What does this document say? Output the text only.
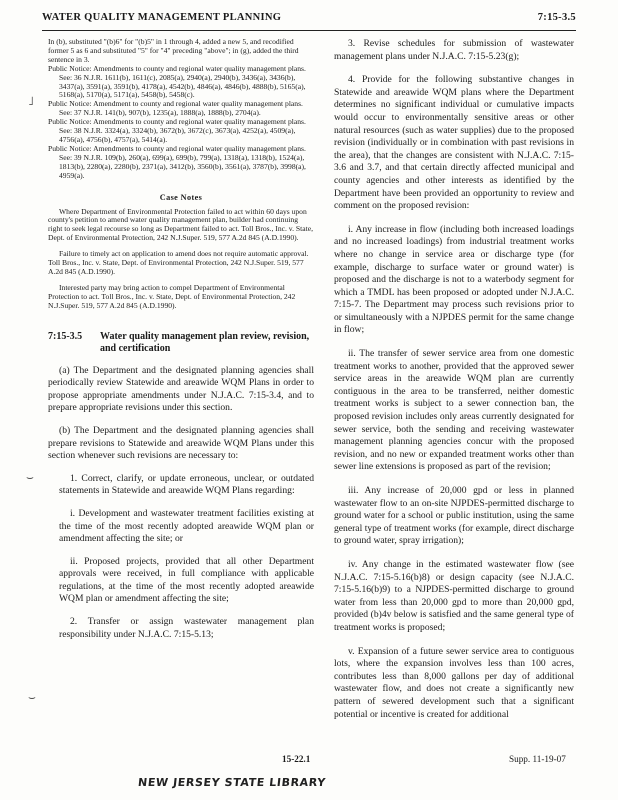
WATER QUALITY MANAGEMENT PLANNING	7:15-3.5
˩
⌣
⌣

In (b), substituted "(b)6" for "(b)5" in 1 through 4, added a new 5, and recodified former 5 as 6 and substituted "5" for "4" preceding "above"; in (g), added the third sentence in 3.

Public Notice: Amendments to county and regional water quality management plans.

See: 36 N.J.R. 1611(b), 1611(c), 2085(a), 2940(a), 2940(b), 3436(a), 3436(b), 3437(a), 3591(a), 3591(b), 4178(a), 4542(b), 4846(a), 4846(b), 4888(b), 5165(a), 5168(a), 5170(a), 5171(a), 5458(b), 5458(c).

Public Notice: Amendment to county and regional water quality management plans.

See: 37 N.J.R. 141(b), 907(b), 1235(a), 1888(a), 1888(b), 2704(a).

Public Notice: Amendments to county and regional water quality management plans.

See: 38 N.J.R. 3324(a), 3324(b), 3672(b), 3672(c), 3673(a), 4252(a), 4509(a), 4756(a), 4756(b), 4757(a), 5414(a).

Public Notice: Amendments to county and regional water quality management plans.

See: 39 N.J.R. 109(b), 260(a), 699(a), 699(b), 799(a), 1318(a), 1318(b), 1524(a), 1813(b), 2280(a), 2280(b), 2371(a), 3412(b), 3560(b), 3561(a), 3787(b), 3998(a), 4959(a).

Case Notes

Where Department of Environmental Protection failed to act within 60 days upon county's petition to amend water quality management plan, builder had continuing right to seek legal recourse so long as Department failed to act. Toll Bros., Inc. v. State, Dept. of Environmental Protection, 242 N.J.Super. 519, 577 A.2d 845 (A.D.1990).

Failure to timely act on application to amend does not require automatic approval. Toll Bros., Inc. v. State, Dept. of Environmental Protection, 242 N.J.Super. 519, 577 A.2d 845 (A.D.1990).

Interested party may bring action to compel Department of Environmental Protection to act. Toll Bros., Inc. v. State, Dept. of Environmental Protection, 242 N.J.Super. 519, 577 A.2d 845 (A.D.1990).

7:15-3.5	Water quality management plan review, revision, and certification

(a) The Department and the designated planning agencies shall periodically review Statewide and areawide WQM Plans in order to propose appropriate amendments under N.J.A.C. 7:15-3.4, and to prepare appropriate revisions under this section.

(b) The Department and the designated planning agencies shall prepare revisions to Statewide and areawide WQM Plans under this section whenever such revisions are necessary to:

1. Correct, clarify, or update erroneous, unclear, or outdated statements in Statewide and areawide WQM Plans regarding:

i. Development and wastewater treatment facilities existing at the time of the most recently adopted areawide WQM plan or amendment affecting the site; or

ii. Proposed projects, provided that all other Department approvals were received, in full compliance with applicable regulations, at the time of the most recently adopted areawide WQM plan or amendment affecting the site;

2. Transfer or assign wastewater management plan responsibility under N.J.A.C. 7:15-5.13;

3. Revise schedules for submission of wastewater management plans under N.J.A.C. 7:15-5.23(g);

4. Provide for the following substantive changes in Statewide and areawide WQM plans where the Department determines no significant individual or cumulative impacts would occur to environmentally sensitive areas or other natural resources (such as water supplies) due to the proposed revision (individually or in combination with past revisions in the area), that the changes are consistent with N.J.A.C. 7:15-3.6 and 3.7, and that certain directly affected municipal and county agencies and other interests as identified by the Department have been provided an opportunity to review and comment on the proposed revision:

i. Any increase in flow (including both increased loadings and no increased loadings) from industrial treatment works where no change in service area or discharge type (for example, discharge to surface water or ground water) is proposed and the discharge is not to a waterbody segment for which a TMDL has been proposed or adopted under N.J.A.C. 7:15-7. The Department may process such revisions prior to or simultaneously with a NJPDES permit for the same change in flow;

ii. The transfer of sewer service area from one domestic treatment works to another, provided that the approved sewer service areas in the areawide WQM plan are currently contiguous in the area to be transferred, neither domestic treatment works is subject to a sewer connection ban, the proposed revision includes only areas currently designated for sewer service, both the sending and receiving wastewater management planning agencies concur with the proposed revision, and no new or expanded treatment works other than sewer line extensions is proposed as part of the revision;

iii. Any increase of 20,000 gpd or less in planned wastewater flow to an on-site NJPDES-permitted discharge to ground water for a school or public institution, using the same general type of treatment works (for example, direct discharge to ground water, spray irrigation);

iv. Any change in the estimated wastewater flow (see N.J.A.C. 7:15-5.16(b)8) or design capacity (see N.J.A.C. 7:15-5.16(b)9) to a NJPDES-permitted discharge to ground water from less than 20,000 gpd to more than 20,000 gpd, provided (b)4v below is satisfied and the same general type of treatment works is proposed;

v. Expansion of a future sewer service area to contiguous lots, where the expansion involves less than 100 acres, contributes less than 8,000 gallons per day of additional wastewater flow, and does not create a significantly new pattern of sewered development such that a significant potential or incentive is created for additional

15-22.1	Supp. 11-19-07
NEW JERSEY STATE LIBRARY
